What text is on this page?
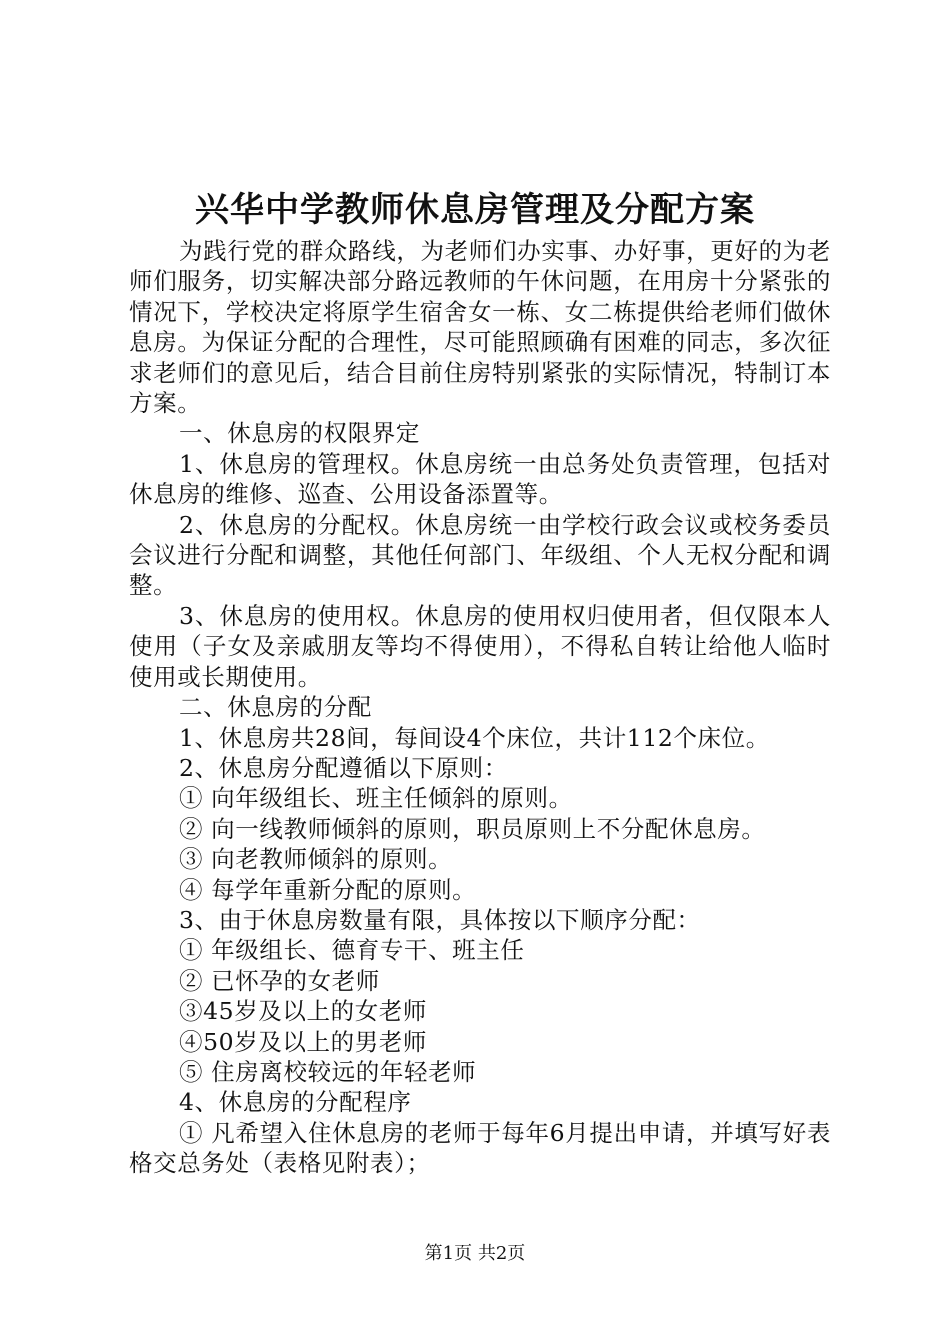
兴华中学教师休息房管理及分配方案

为践行党的群众路线，为老师们办实事、办好事，更好的为老师们服务，切实解决部分路远教师的午休问题，在用房十分紧张的情况下，学校决定将原学生宿舍女一栋、女二栋提供给老师们做休息房。为保证分配的合理性，尽可能照顾确有困难的同志，多次征求老师们的意见后，结合目前住房特别紧张的实际情况，特制订本方案。

一、休息房的权限界定

1、休息房的管理权。休息房统一由总务处负责管理，包括对休息房的维修、巡查、公用设备添置等。

2、休息房的分配权。休息房统一由学校行政会议或校务委员会议进行分配和调整，其他任何部门、年级组、个人无权分配和调整。

3、休息房的使用权。休息房的使用权归使用者，但仅限本人使用（子女及亲戚朋友等均不得使用），不得私自转让给他人临时使用或长期使用。

二、休息房的分配

1、休息房共28间，每间设4个床位，共计112个床位。

2、休息房分配遵循以下原则：

① 向年级组长、班主任倾斜的原则。

② 向一线教师倾斜的原则，职员原则上不分配休息房。

③ 向老教师倾斜的原则。

④ 每学年重新分配的原则。

3、由于休息房数量有限，具体按以下顺序分配：

① 年级组长、德育专干、班主任

② 已怀孕的女老师

③45岁及以上的女老师

④50岁及以上的男老师

⑤ 住房离校较远的年轻老师

4、休息房的分配程序

① 凡希望入住休息房的老师于每年6月提出申请，并填写好表格交总务处（表格见附表）；

第1页 共2页
